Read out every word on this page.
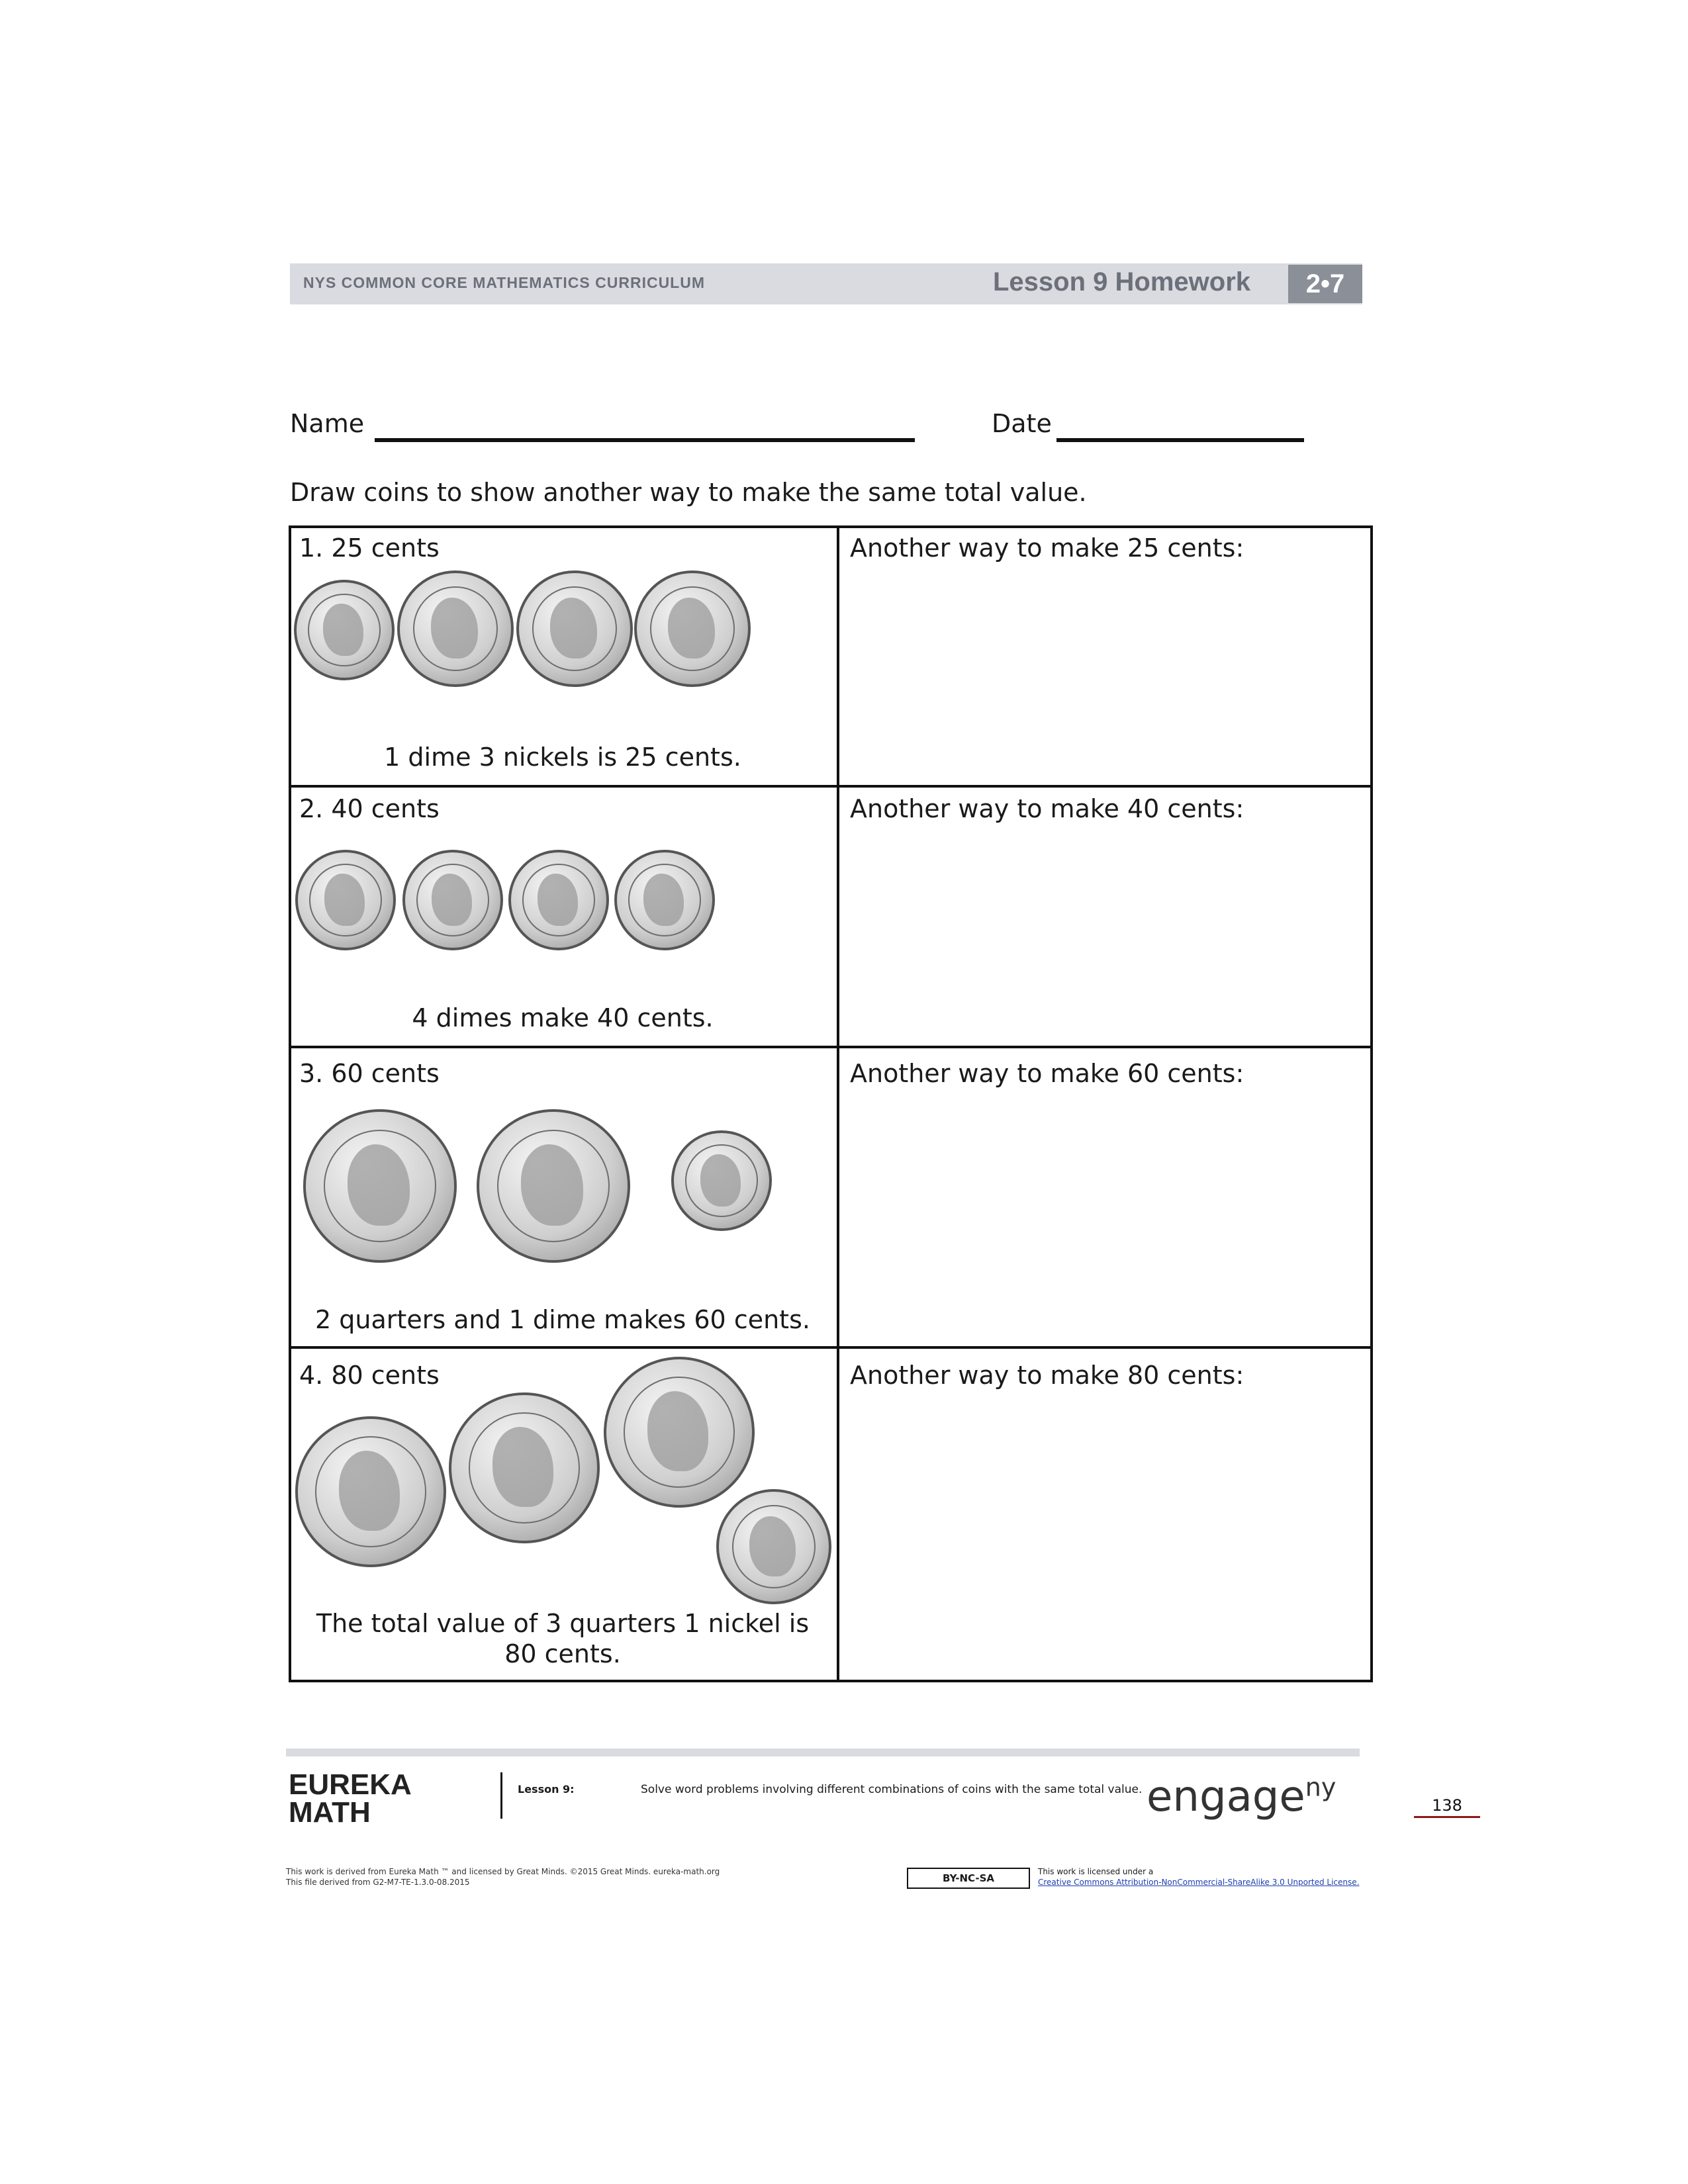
NYS COMMON CORE MATHEMATICS CURRICULUM	Lesson 9 Homework	2•7
Name	Date
Draw coins to show another way to make the same total value.
1. 25 cents	Another way to make 25 cents:
1 dime 3 nickels is 25 cents.
2. 40 cents	Another way to make 40 cents:
4 dimes make 40 cents.
3. 60 cents	Another way to make 60 cents:
2 quarters and 1 dime makes 60 cents.
4. 80 cents	Another way to make 80 cents:
The total value of 3 quarters 1 nickel is 80 cents.
EUREKA
MATH
Lesson 9:	Solve word problems involving different combinations of coins with the same total value. engage$^{ny}$
138
This work is derived from Eureka Math ™ and licensed by Great Minds. ©2015 Great Minds. eureka-math.org
This file derived from G2-M7-TE-1.3.0-08.2015	BY-NC-SA
This work is licensed under a
Creative Commons Attribution-NonCommercial-ShareAlike 3.0 Unported License.
